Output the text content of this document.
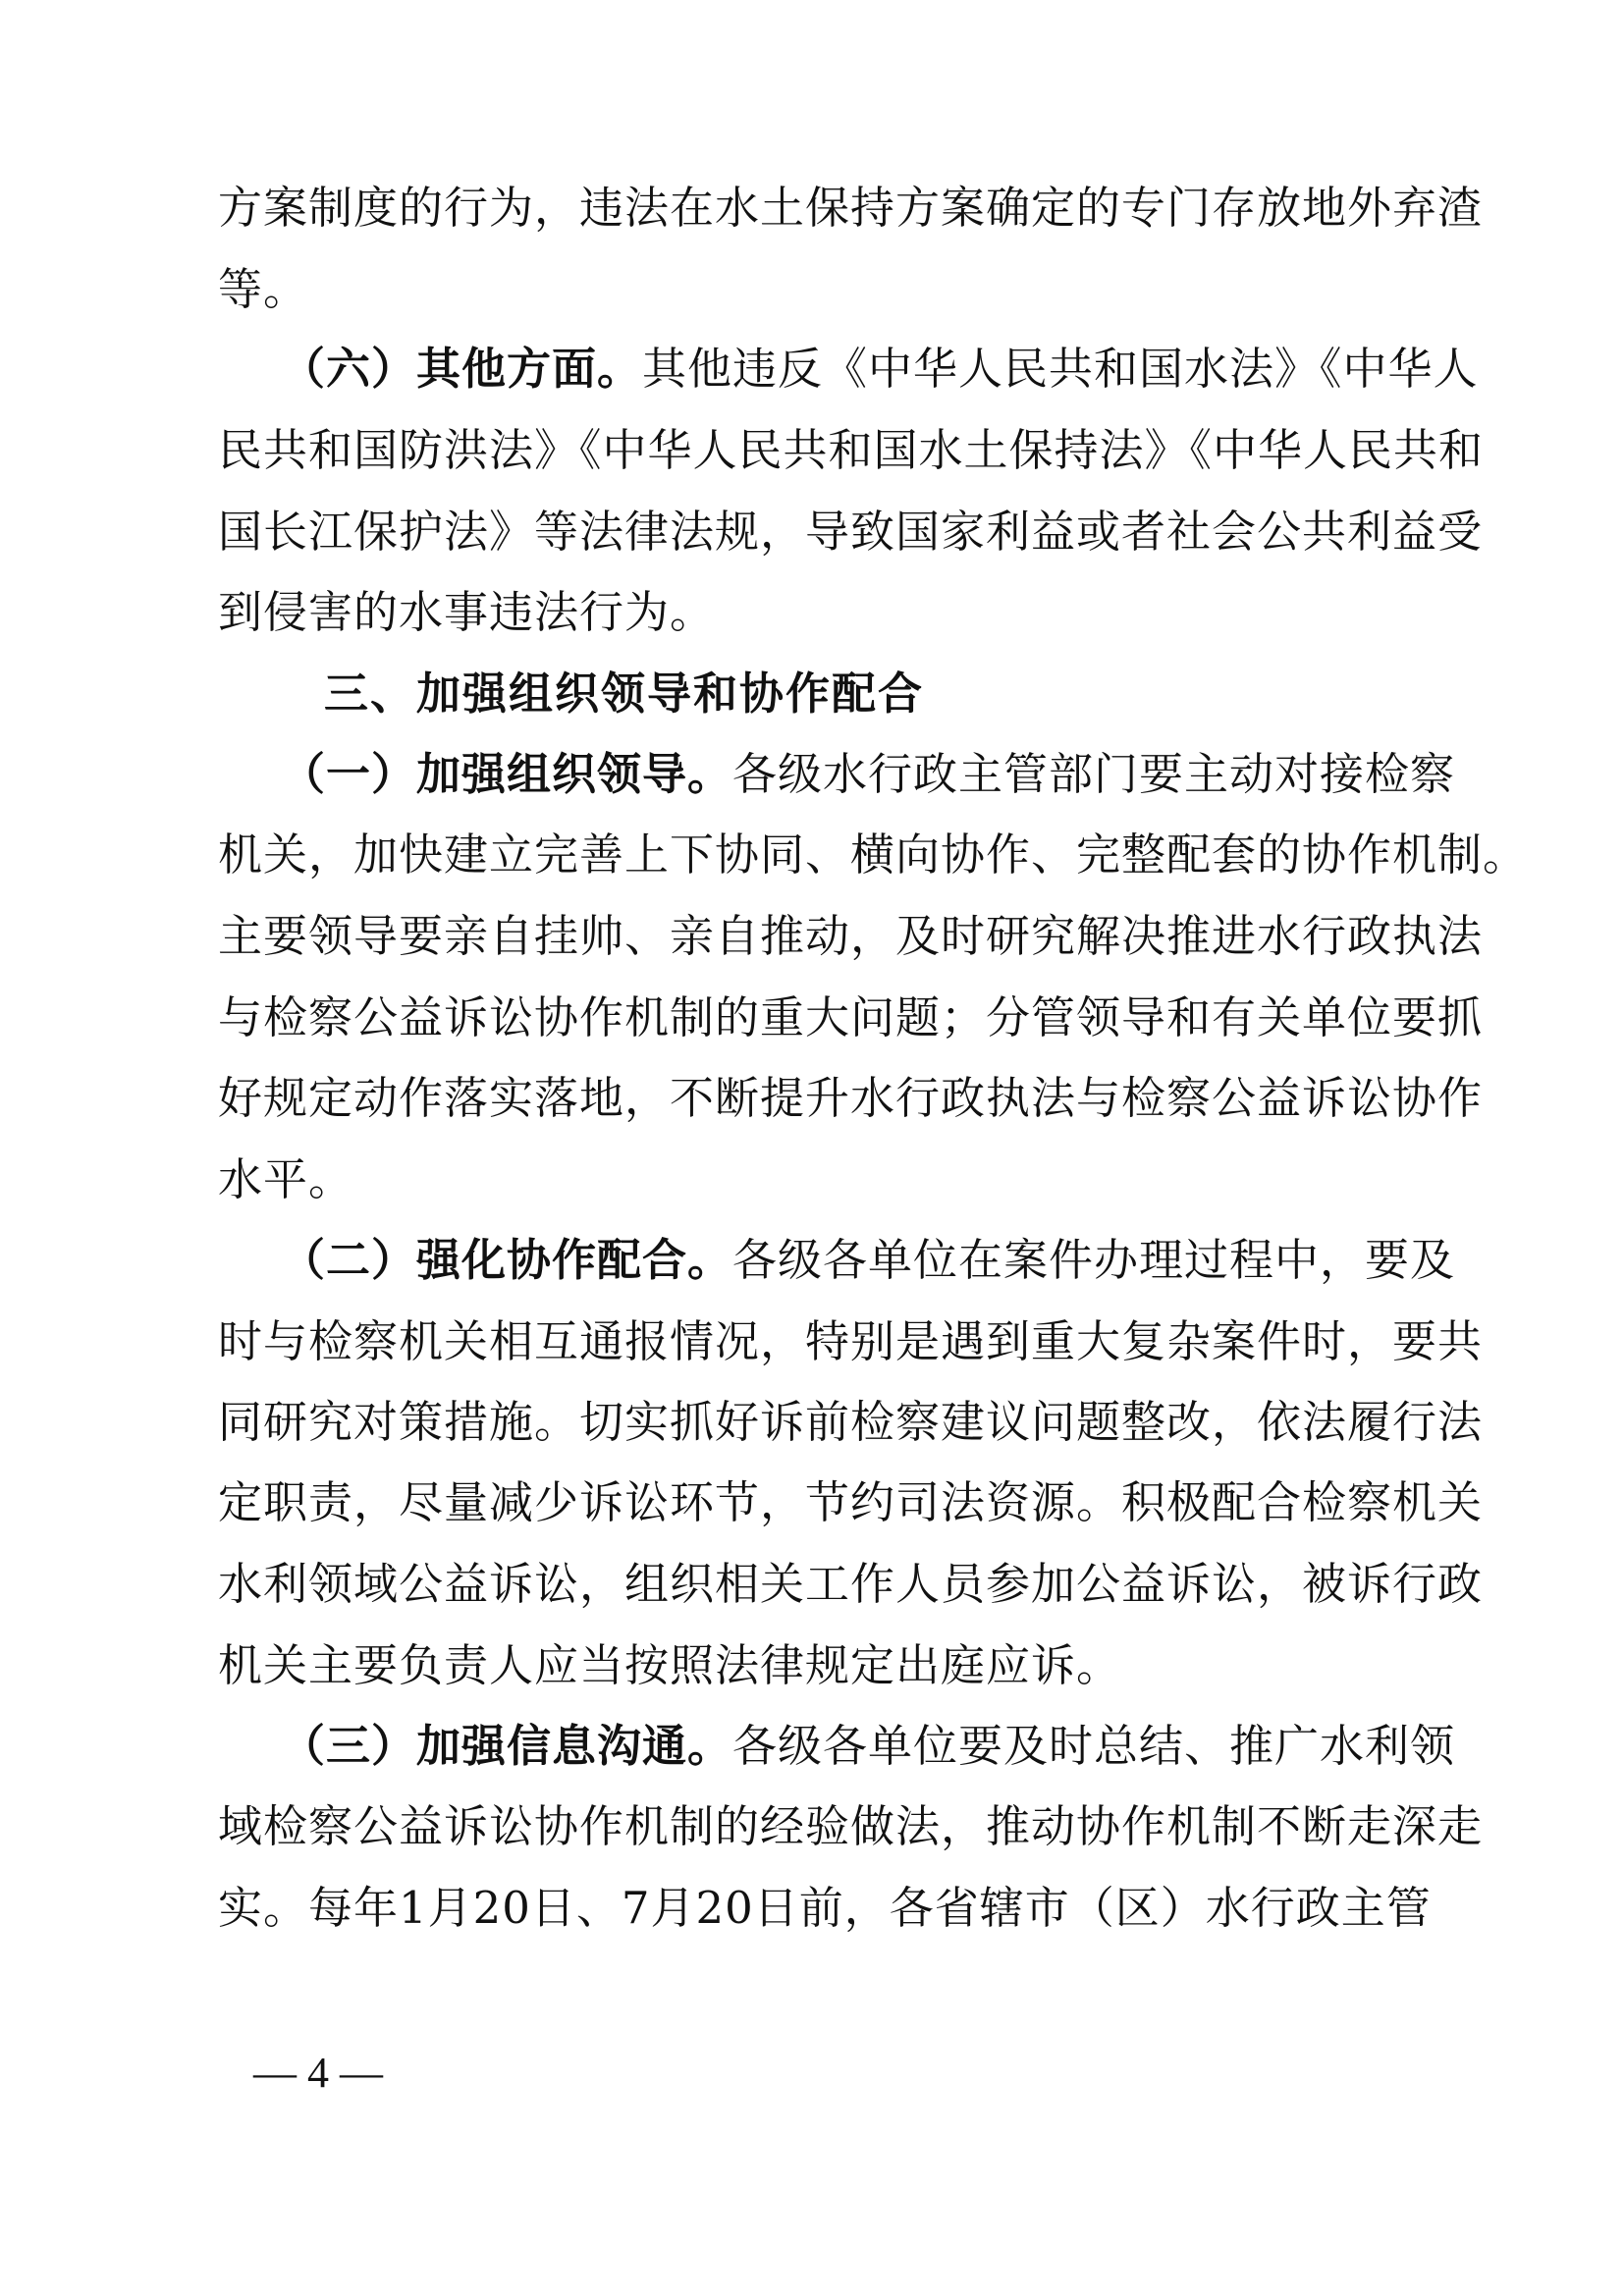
方案制度的行为，违法在水土保持方案确定的专门存放地外弃渣
等。
（六）其他方面。其他违反《中华人民共和国水法》《中华人
民共和国防洪法》《中华人民共和国水土保持法》《中华人民共和
国长江保护法》等法律法规，导致国家利益或者社会公共利益受
到侵害的水事违法行为。
三、加强组织领导和协作配合
（一）加强组织领导。各级水行政主管部门要主动对接检察
机关，加快建立完善上下协同、横向协作、完整配套的协作机制。
主要领导要亲自挂帅、亲自推动，及时研究解决推进水行政执法
与检察公益诉讼协作机制的重大问题；分管领导和有关单位要抓
好规定动作落实落地，不断提升水行政执法与检察公益诉讼协作
水平。
（二）强化协作配合。各级各单位在案件办理过程中，要及
时与检察机关相互通报情况，特别是遇到重大复杂案件时，要共
同研究对策措施。切实抓好诉前检察建议问题整改，依法履行法
定职责，尽量减少诉讼环节，节约司法资源。积极配合检察机关
水利领域公益诉讼，组织相关工作人员参加公益诉讼，被诉行政
机关主要负责人应当按照法律规定出庭应诉。
（三）加强信息沟通。各级各单位要及时总结、推广水利领
域检察公益诉讼协作机制的经验做法，推动协作机制不断走深走
实。每年1月20日、7月20日前，各省辖市（区）水行政主管
— 4 —
